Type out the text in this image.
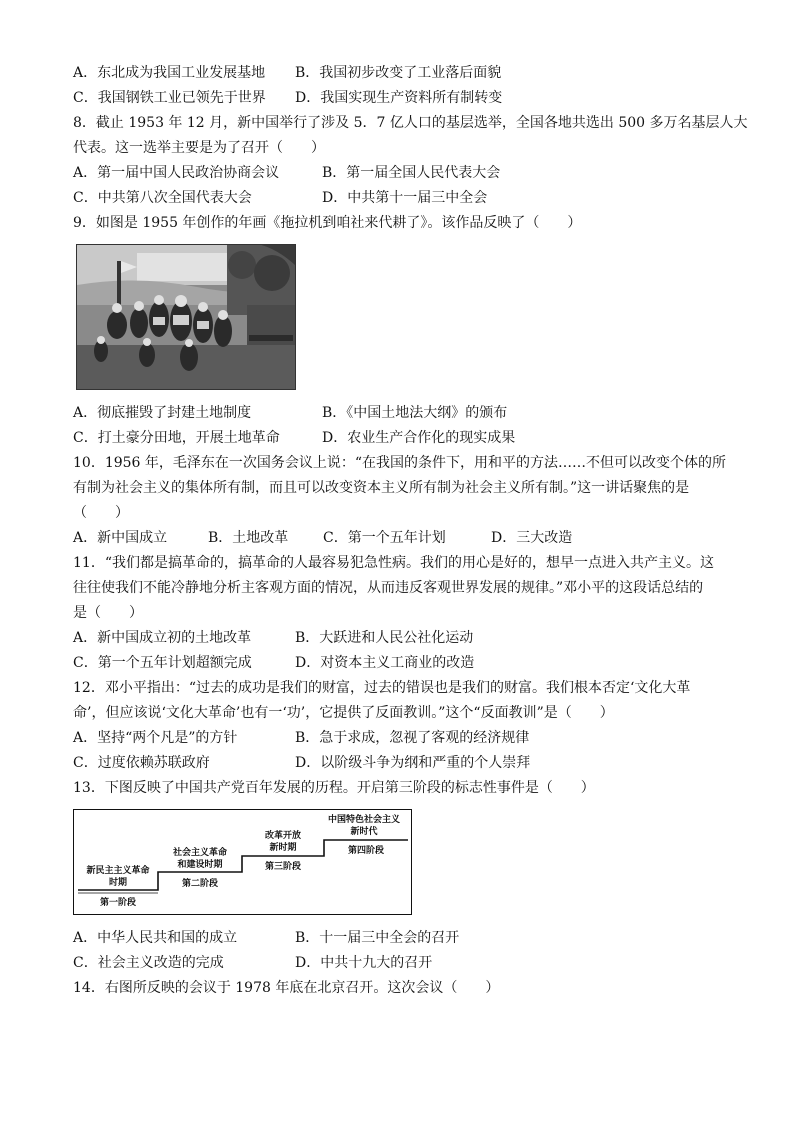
A．东北成为我国工业发展基地 B．我国初步改变了工业落后面貌
C．我国钢铁工业已领先于世界 D．我国实现生产资料所有制转变
8．截止 1953 年 12 月，新中国举行了涉及 5．7 亿人口的基层选举，全国各地共选出 500 多万名基层人大
代表。这一选举主要是为了召开（　　）
A．第一届中国人民政治协商会议	B．第一届全国人民代表大会
C．中共第八次全国代表大会	D．中共第十一届三中全会
9．如图是 1955 年创作的年画《拖拉机到咱社来代耕了》。该作品反映了（　　）
A．彻底摧毁了封建土地制度	B．《中国土地法大纲》的颁布
C．打土豪分田地，开展土地革命	D．农业生产合作化的现实成果
10．1956 年，毛泽东在一次国务会议上说：“在我国的条件下，用和平的方法……不但可以改变个体的所
有制为社会主义的集体所有制，而且可以改变资本主义所有制为社会主义所有制。”这一讲话聚焦的是
（　　）
A．新中国成立	B．土地改革 C．第一个五年计划	D．三大改造
11．“我们都是搞革命的，搞革命的人最容易犯急性病。我们的用心是好的，想早一点进入共产主义。这
往往使我们不能冷静地分析主客观方面的情况，从而违反客观世界发展的规律。”邓小平的这段话总结的
是（　　）
A．新中国成立初的土地改革	B．大跃进和人民公社化运动
C．第一个五年计划超额完成	D．对资本主义工商业的改造
12．邓小平指出：“过去的成功是我们的财富，过去的错误也是我们的财富。我们根本否定‘文化大革
命’，但应该说‘文化大革命’也有一‘功’，它提供了反面教训。”这个“反面教训”是（　　）
A．坚持“两个凡是”的方针	B．急于求成，忽视了客观的经济规律
C．过度依赖苏联政府	D．以阶级斗争为纲和严重的个人崇拜
13．下图反映了中国共产党百年发展的历程。开启第三阶段的标志性事件是（　　）
新民主主义革命
时期
第一阶段
社会主义革命
和建设时期
第二阶段
改革开放
新时期
第三阶段
中国特色社会主义
新时代
第四阶段
A．中华人民共和国的成立	B．十一届三中全会的召开
C．社会主义改造的完成	D．中共十九大的召开
14．右图所反映的会议于 1978 年底在北京召开。这次会议（　　）
